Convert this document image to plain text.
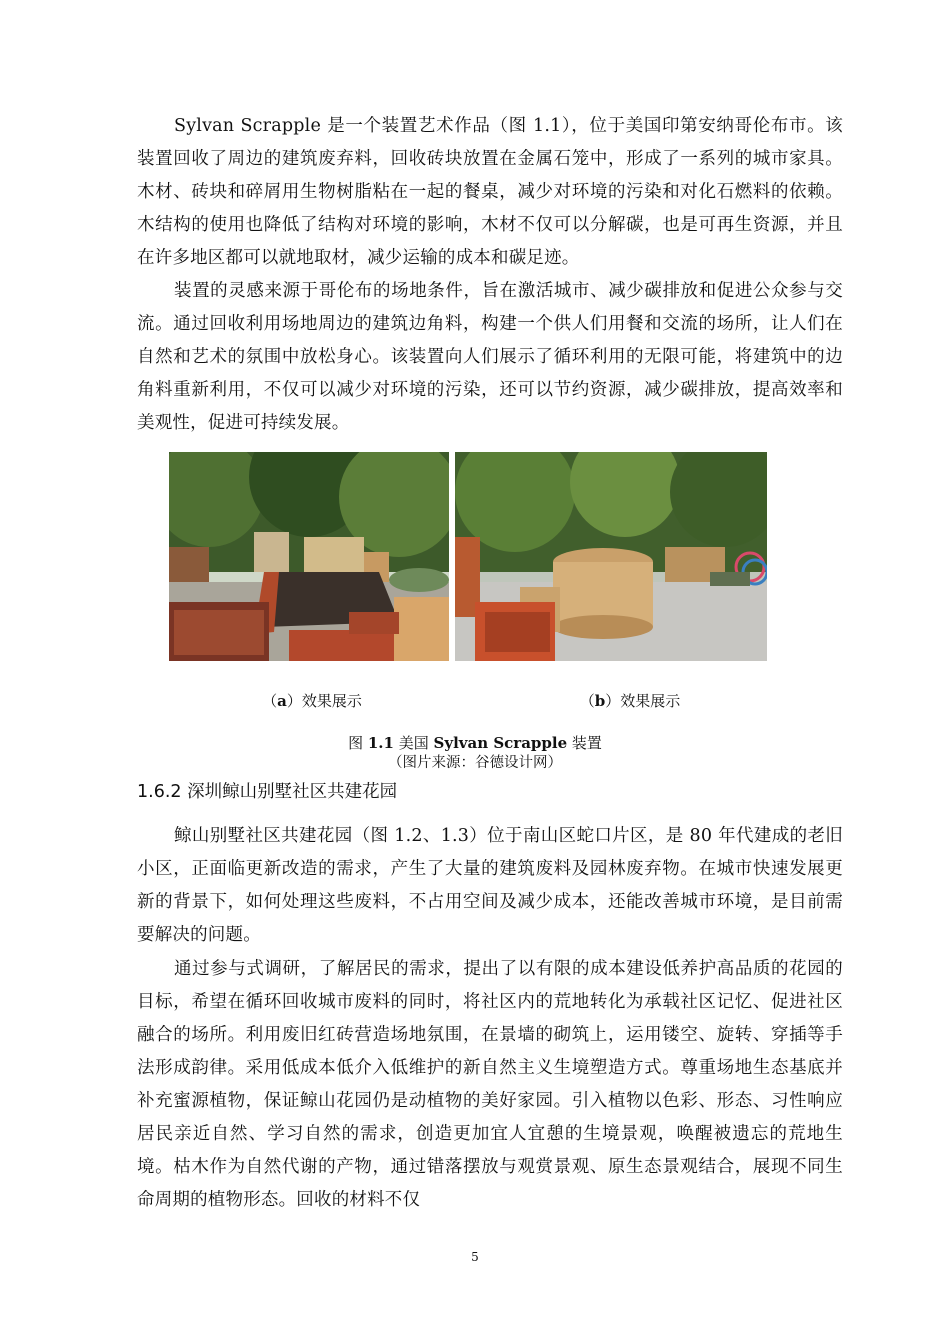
Sylvan Scrapple 是一个装置艺术作品（图 1.1），位于美国印第安纳哥伦布市。该装置回收了周边的建筑废弃料，回收砖块放置在金属石笼中，形成了一系列的城市家具。木材、砖块和碎屑用生物树脂粘在一起的餐桌，减少对环境的污染和对化石燃料的依赖。木结构的使用也降低了结构对环境的影响，木材不仅可以分解碳，也是可再生资源，并且在许多地区都可以就地取材，减少运输的成本和碳足迹。

装置的灵感来源于哥伦布的场地条件，旨在激活城市、减少碳排放和促进公众参与交流。通过回收利用场地周边的建筑边角料，构建一个供人们用餐和交流的场所，让人们在自然和艺术的氛围中放松身心。该装置向人们展示了循环利用的无限可能，将建筑中的边角料重新利用，不仅可以减少对环境的污染，还可以节约资源，减少碳排放，提高效率和美观性，促进可持续发展。

（a）效果展示	（b）效果展示
图 1.1 美国 Sylvan Scrapple 装置
（图片来源：谷德设计网）
1.6.2 深圳鲸山别墅社区共建花园

鲸山别墅社区共建花园（图 1.2、1.3）位于南山区蛇口片区，是 80 年代建成的老旧小区，正面临更新改造的需求，产生了大量的建筑废料及园林废弃物。在城市快速发展更新的背景下，如何处理这些废料，不占用空间及减少成本，还能改善城市环境，是目前需要解决的问题。

通过参与式调研，了解居民的需求，提出了以有限的成本建设低养护高品质的花园的目标，希望在循环回收城市废料的同时，将社区内的荒地转化为承载社区记忆、促进社区融合的场所。利用废旧红砖营造场地氛围，在景墙的砌筑上，运用镂空、旋转、穿插等手法形成韵律。采用低成本低介入低维护的新自然主义生境塑造方式。尊重场地生态基底并补充蜜源植物，保证鲸山花园仍是动植物的美好家园。引入植物以色彩、形态、习性响应居民亲近自然、学习自然的需求，创造更加宜人宜憩的生境景观，唤醒被遗忘的荒地生境。枯木作为自然代谢的产物，通过错落摆放与观赏景观、原生态景观结合，展现不同生命周期的植物形态。回收的材料不仅

5
